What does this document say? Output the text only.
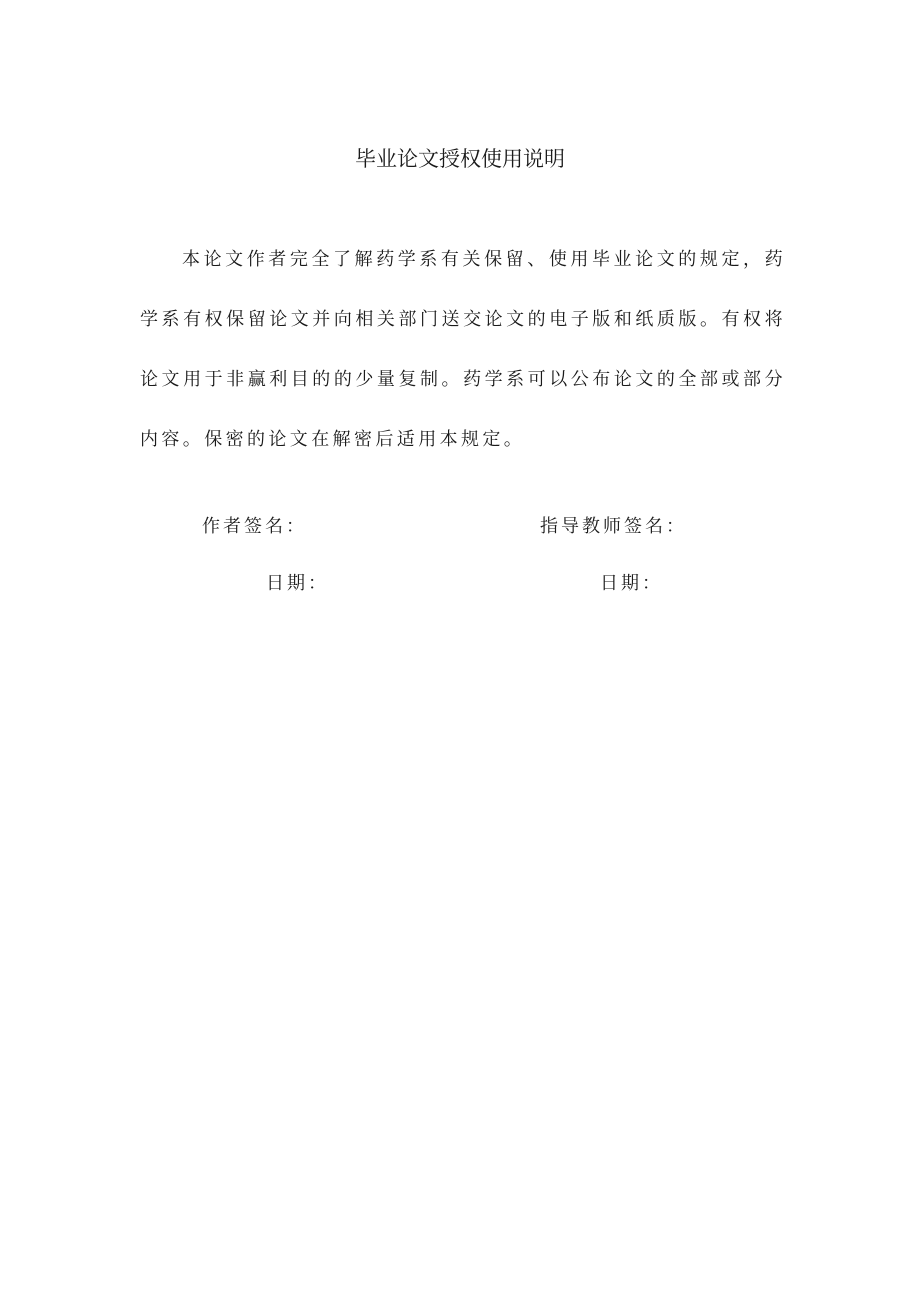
毕业论文授权使用说明

本论文作者完全了解药学系有关保留、使用毕业论文的规定，药学系有权保留论文并向相关部门送交论文的电子版和纸质版。有权将论文用于非赢利目的的少量复制。药学系可以公布论文的全部或部分内容。保密的论文在解密后适用本规定。

作者签名：	指导教师签名：
日期：	日期：
